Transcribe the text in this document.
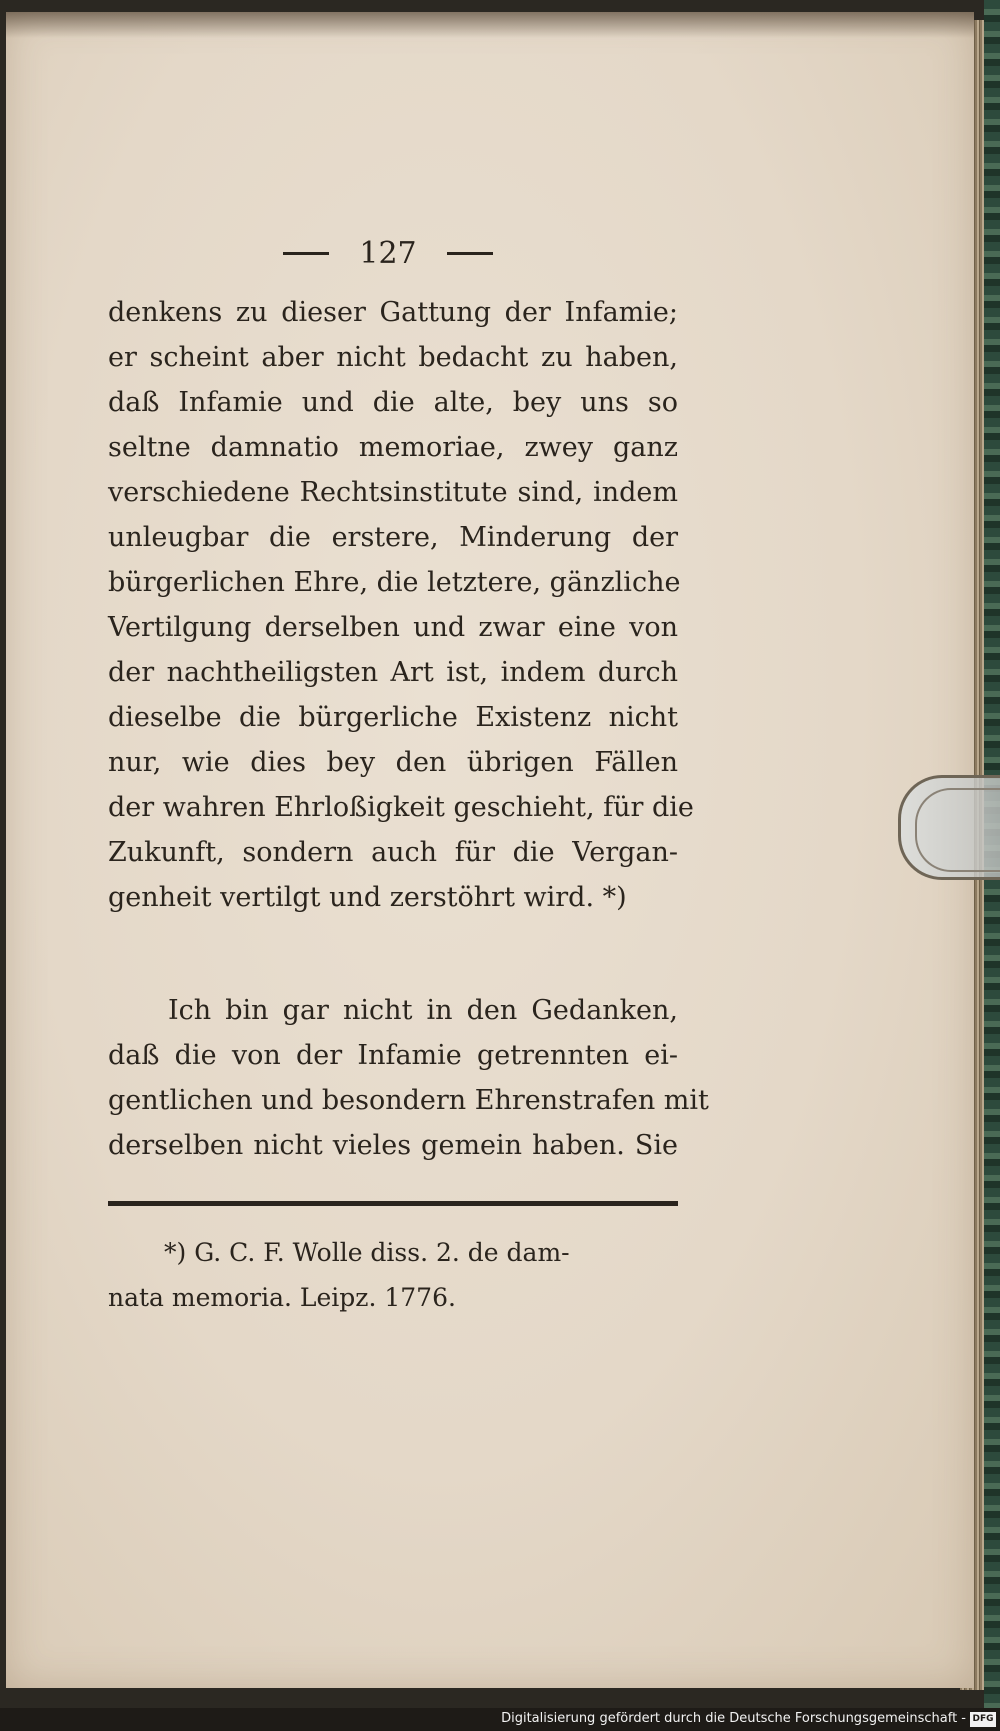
127
denkens zu dieser Gattung der Infamie;
er scheint aber nicht bedacht zu haben,
daß Infamie und die alte, bey uns so
seltne damnatio memoriae, zwey ganz
verschiedene Rechtsinstitute sind, indem
unleugbar die erstere, Minderung der
bürgerlichen Ehre, die letztere, gänzliche
Vertilgung derselben und zwar eine von
der nachtheiligsten Art ist, indem durch
dieselbe die bürgerliche Existenz nicht
nur, wie dies bey den übrigen Fällen
der wahren Ehrloßigkeit geschieht, für die
Zukunft, sondern auch für die Vergan-
genheit vertilgt und zerstöhrt wird. *)
Ich bin gar nicht in den Gedanken,
daß die von der Infamie getrennten ei-
gentlichen und besondern Ehrenstrafen mit
derselben nicht vieles gemein haben. Sie
*) G. C. F. Wolle diss. 2. de dam-
nata memoria. Leipz. 1776.
Digitalisierung gefördert durch die Deutsche Forschungsgemeinschaft - DFG
